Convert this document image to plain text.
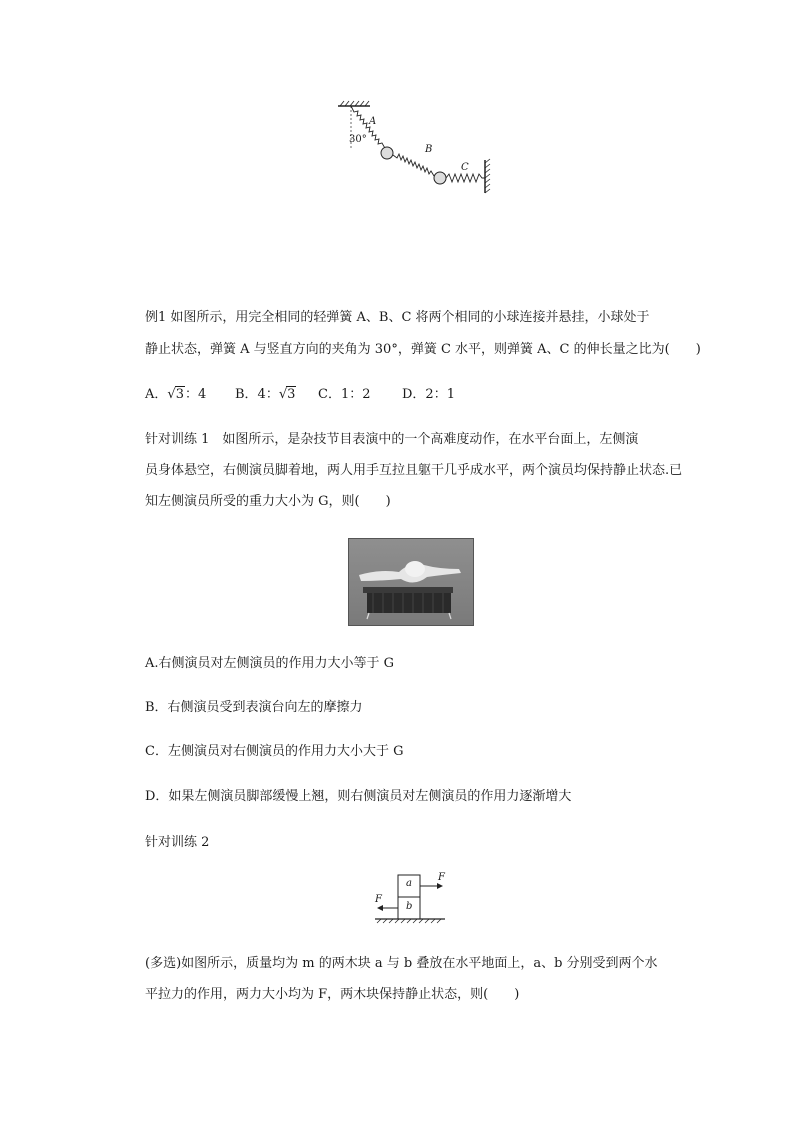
30°
A
B
C
例1 如图所示，用完全相同的轻弹簧 A、B、C 将两个相同的小球连接并悬挂，小球处于
静止状态，弹簧 A 与竖直方向的夹角为 30°，弹簧 C 水平，则弹簧 A、C 的伸长量之比为(　　)
A．√3：4 B．4：√3 C．1：2 D．2：1
针对训练 1　如图所示，是杂技节目表演中的一个高难度动作，在水平台面上，左侧演
员身体悬空，右侧演员脚着地，两人用手互拉且躯干几乎成水平，两个演员均保持静止状态.已
知左侧演员所受的重力大小为 G，则(　　)
A.右侧演员对左侧演员的作用力大小等于 G
B．右侧演员受到表演台向左的摩擦力
C．左侧演员对右侧演员的作用力大小大于 G
D．如果左侧演员脚部缓慢上翘，则右侧演员对左侧演员的作用力逐渐增大
针对训练 2
a
b
F
F
(多选)如图所示，质量均为 m 的两木块 a 与 b 叠放在水平地面上，a、b 分别受到两个水
平拉力的作用，两力大小均为 F，两木块保持静止状态，则(　　)
